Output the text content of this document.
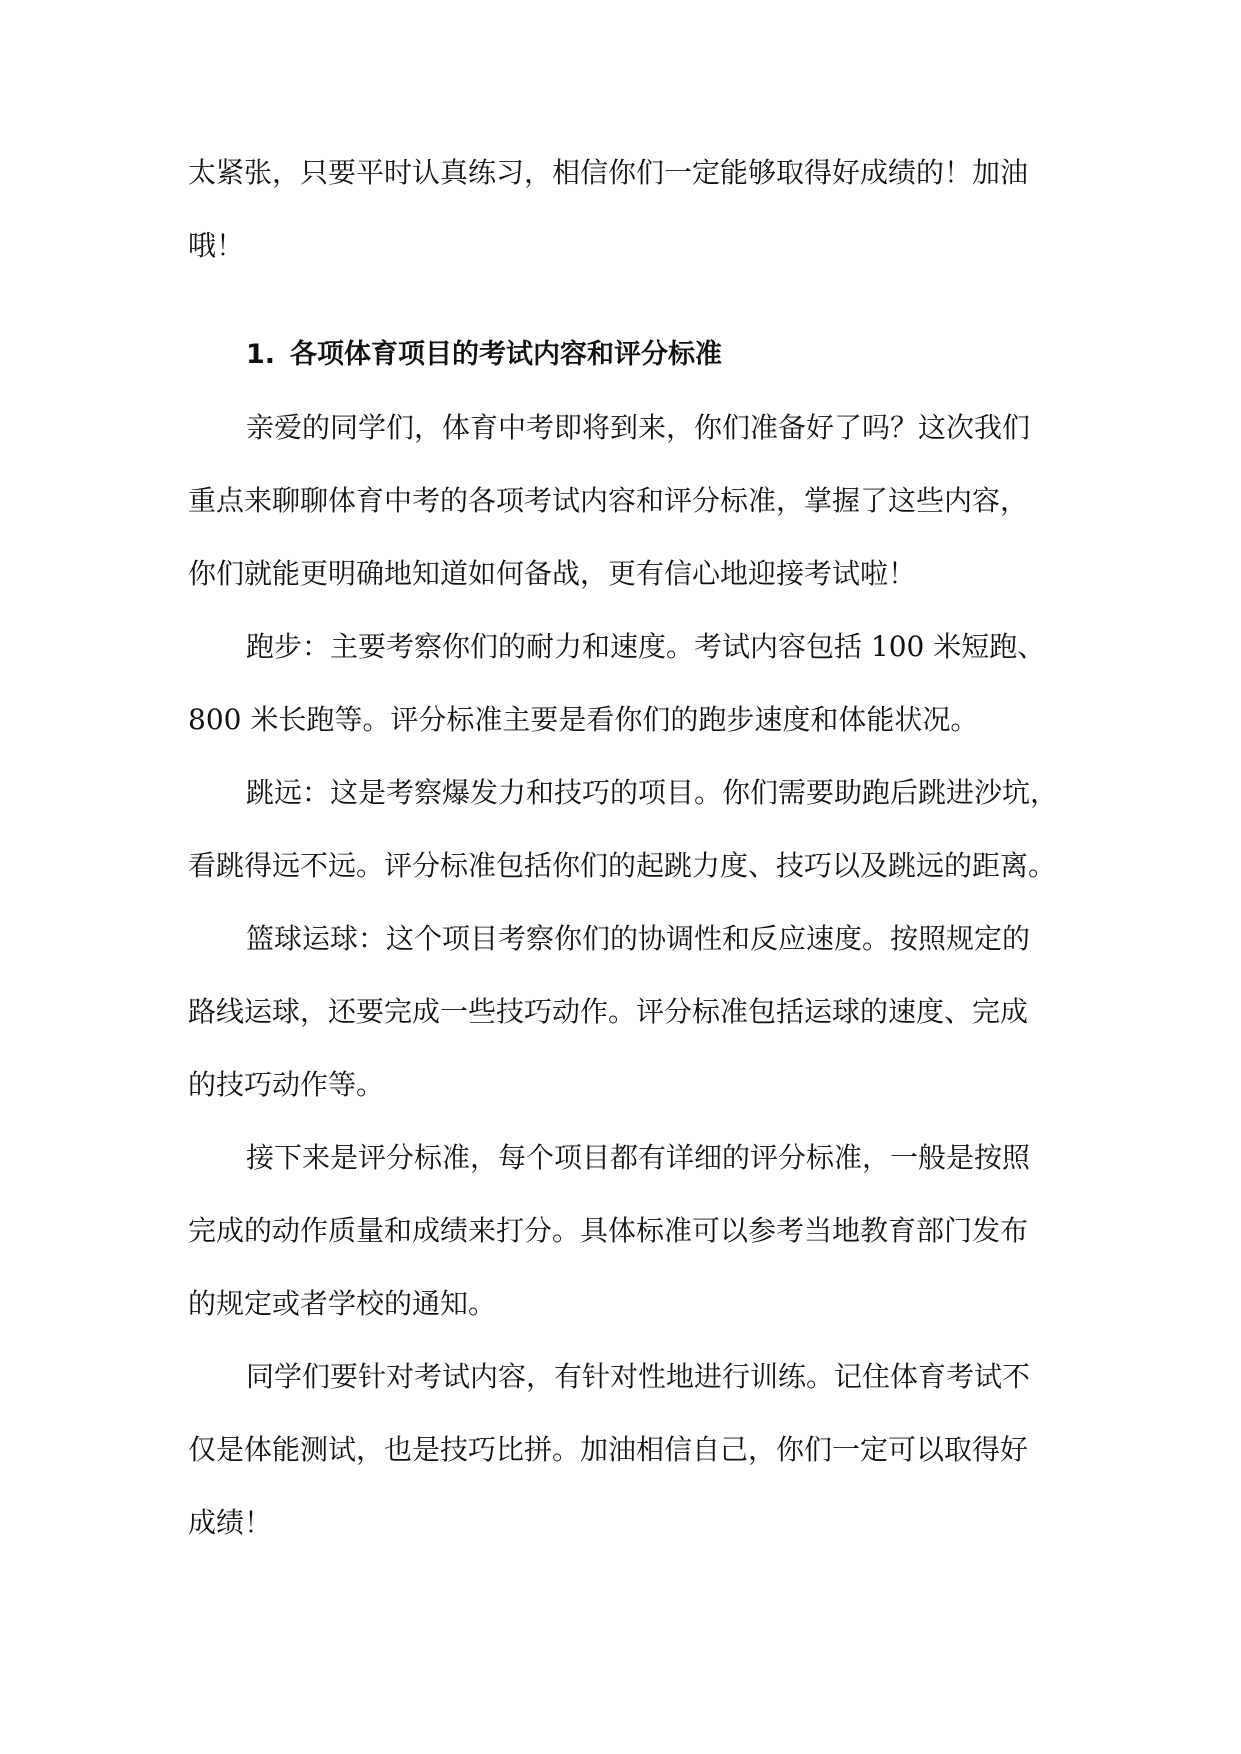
太紧张，只要平时认真练习，相信你们一定能够取得好成绩的！加油
哦！
1. 各项体育项目的考试内容和评分标准
亲爱的同学们，体育中考即将到来，你们准备好了吗？这次我们
重点来聊聊体育中考的各项考试内容和评分标准，掌握了这些内容，
你们就能更明确地知道如何备战，更有信心地迎接考试啦！
跑步：主要考察你们的耐力和速度。考试内容包括 100 米短跑、
800 米长跑等。评分标准主要是看你们的跑步速度和体能状况。
跳远：这是考察爆发力和技巧的项目。你们需要助跑后跳进沙坑，
看跳得远不远。评分标准包括你们的起跳力度、技巧以及跳远的距离。
篮球运球：这个项目考察你们的协调性和反应速度。按照规定的
路线运球，还要完成一些技巧动作。评分标准包括运球的速度、完成
的技巧动作等。
接下来是评分标准，每个项目都有详细的评分标准，一般是按照
完成的动作质量和成绩来打分。具体标准可以参考当地教育部门发布
的规定或者学校的通知。
同学们要针对考试内容，有针对性地进行训练。记住体育考试不
仅是体能测试，也是技巧比拼。加油相信自己，你们一定可以取得好
成绩！
